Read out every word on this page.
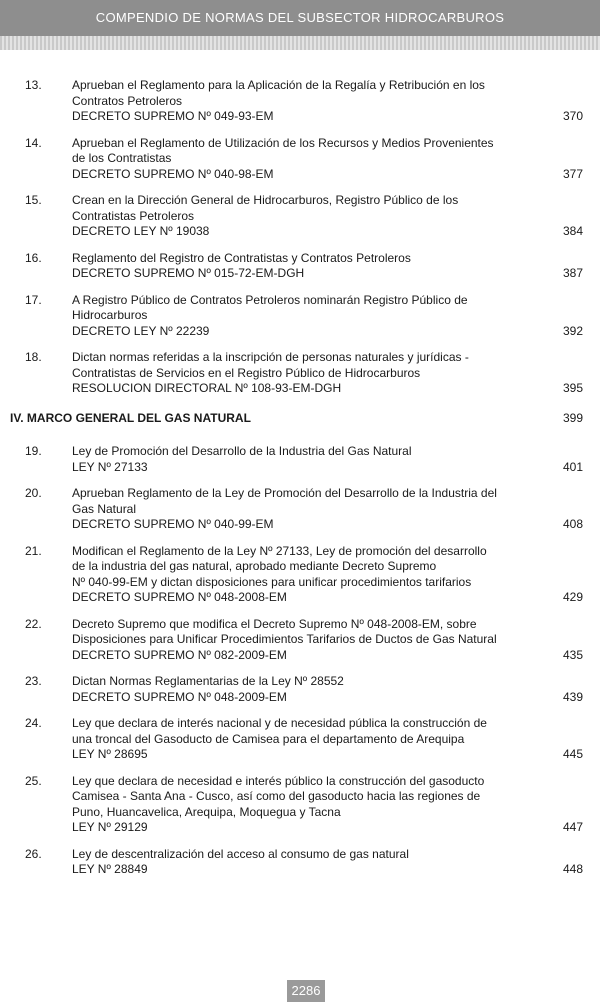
COMPENDIO DE NORMAS DEL SUBSECTOR HIDROCARBUROS
13.	Aprueban el Reglamento para la Aplicación de la Regalía y Retribución en los
Contratos Petroleros
DECRETO SUPREMO Nº 049-93-EM	370
14.	Aprueban el Reglamento de Utilización de los Recursos y Medios Provenientes
de los Contratistas
DECRETO SUPREMO Nº 040-98-EM	377
15.	Crean en la Dirección General de Hidrocarburos, Registro Público de los
Contratistas Petroleros
DECRETO LEY Nº 19038	384
16.	Reglamento del Registro de Contratistas y Contratos Petroleros
DECRETO SUPREMO Nº 015-72-EM-DGH	387
17.	A Registro Público de Contratos Petroleros nominarán Registro Público de
Hidrocarburos
DECRETO LEY Nº 22239	392
18.	Dictan normas referidas a la inscripción de personas naturales y jurídicas -
Contratistas de Servicios en el Registro Público de Hidrocarburos
RESOLUCION DIRECTORAL Nº 108-93-EM-DGH	395
IV. MARCO GENERAL DEL GAS NATURAL	399
19.	Ley de Promoción del Desarrollo de la Industria del Gas Natural
LEY Nº 27133	401
20.	Aprueban Reglamento de la Ley de Promoción del Desarrollo de la Industria del
Gas Natural
DECRETO SUPREMO Nº 040-99-EM	408
21.	Modifican el Reglamento de la Ley Nº 27133, Ley de promoción del desarrollo
de la industria del gas natural, aprobado mediante Decreto Supremo
Nº 040-99-EM y dictan disposiciones para unificar procedimientos tarifarios
DECRETO SUPREMO Nº 048-2008-EM	429
22.	Decreto Supremo que modifica el Decreto Supremo Nº 048-2008-EM, sobre
Disposiciones para Unificar Procedimientos Tarifarios de Ductos de Gas Natural
DECRETO SUPREMO Nº 082-2009-EM	435
23.	Dictan Normas Reglamentarias de la Ley Nº 28552
DECRETO SUPREMO Nº 048-2009-EM	439
24.	Ley que declara de interés nacional y de necesidad pública la construcción de
una troncal del Gasoducto de Camisea para el departamento de Arequipa
LEY Nº 28695	445
25.	Ley que declara de necesidad e interés público la construcción del gasoducto
Camisea - Santa Ana - Cusco, así como del gasoducto hacia las regiones de
Puno, Huancavelica, Arequipa, Moquegua y Tacna
LEY Nº 29129	447
26.	Ley de descentralización del acceso al consumo de gas natural
LEY Nº 28849	448
2286
